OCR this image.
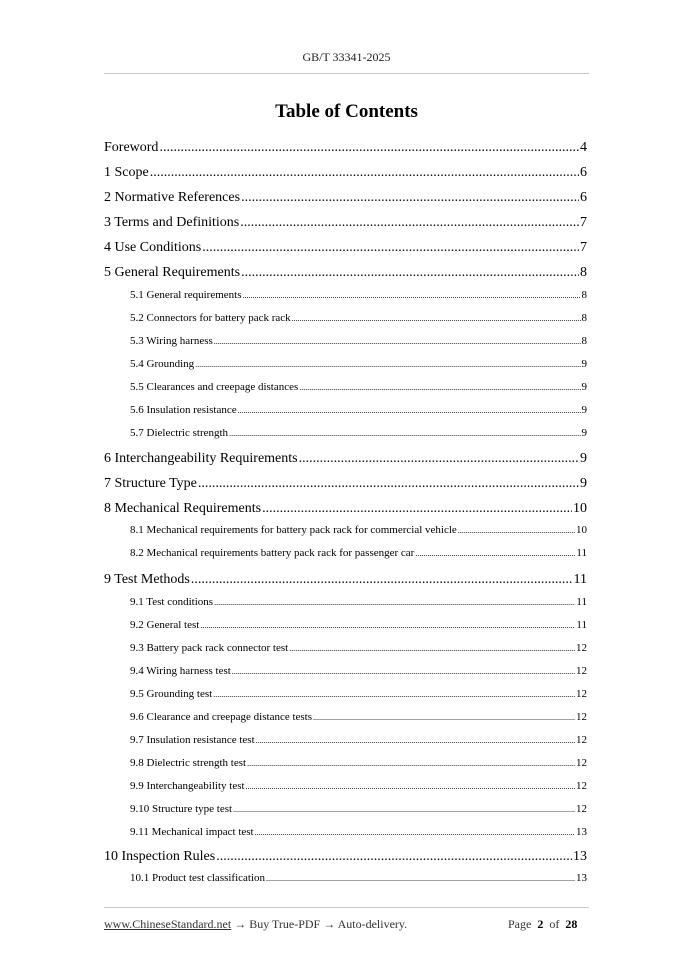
GB/T 33341-2025
Table of Contents
Foreword .....	4
1 Scope .....	6
2 Normative References .....	6
3 Terms and Definitions .....	7
4 Use Conditions .....	7
5 General Requirements .....	8
5.1 General requirements .....	8
5.2 Connectors for battery pack rack .....	8
5.3 Wiring harness .....	8
5.4 Grounding .....	9
5.5 Clearances and creepage distances .....	9
5.6 Insulation resistance .....	9
5.7 Dielectric strength .....	9
6 Interchangeability Requirements .....	9
7 Structure Type .....	9
8 Mechanical Requirements .....	10
8.1 Mechanical requirements for battery pack rack for commercial vehicle .....	10
8.2 Mechanical requirements battery pack rack for passenger car .....	11
9 Test Methods .....	11
9.1 Test conditions .....	11
9.2 General test .....	11
9.3 Battery pack rack connector test .....	12
9.4 Wiring harness test .....	12
9.5 Grounding test .....	12
9.6 Clearance and creepage distance tests .....	12
9.7 Insulation resistance test .....	12
9.8 Dielectric strength test .....	12
9.9 Interchangeability test .....	12
9.10 Structure type test .....	12
9.11 Mechanical impact test .....	13
10 Inspection Rules .....	13
10.1 Product test classification .....	13
www.ChineseStandard.net → Buy True-PDF → Auto-delivery.	Page 2 of 28
